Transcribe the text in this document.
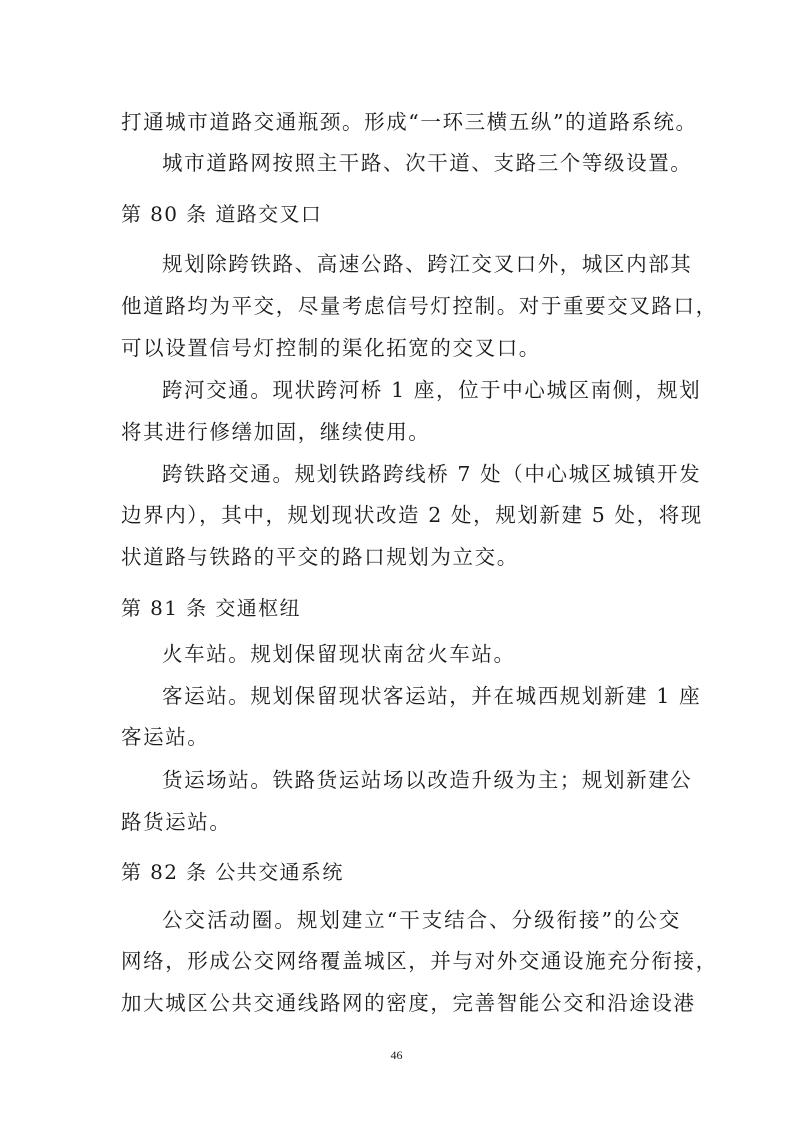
打通城市道路交通瓶颈。形成“一环三横五纵”的道路系统。
城市道路网按照主干路、次干道、支路三个等级设置。
第 80 条 道路交叉口
规划除跨铁路、高速公路、跨江交叉口外，城区内部其
他道路均为平交，尽量考虑信号灯控制。对于重要交叉路口，
可以设置信号灯控制的渠化拓宽的交叉口。
跨河交通。现状跨河桥 1 座，位于中心城区南侧，规划
将其进行修缮加固，继续使用。
跨铁路交通。规划铁路跨线桥 7 处（中心城区城镇开发
边界内），其中，规划现状改造 2 处，规划新建 5 处，将现
状道路与铁路的平交的路口规划为立交。
第 81 条 交通枢纽
火车站。规划保留现状南岔火车站。
客运站。规划保留现状客运站，并在城西规划新建 1 座
客运站。
货运场站。铁路货运站场以改造升级为主；规划新建公
路货运站。
第 82 条 公共交通系统
公交活动圈。规划建立“干支结合、分级衔接”的公交
网络，形成公交网络覆盖城区，并与对外交通设施充分衔接，
加大城区公共交通线路网的密度，完善智能公交和沿途设港
46
